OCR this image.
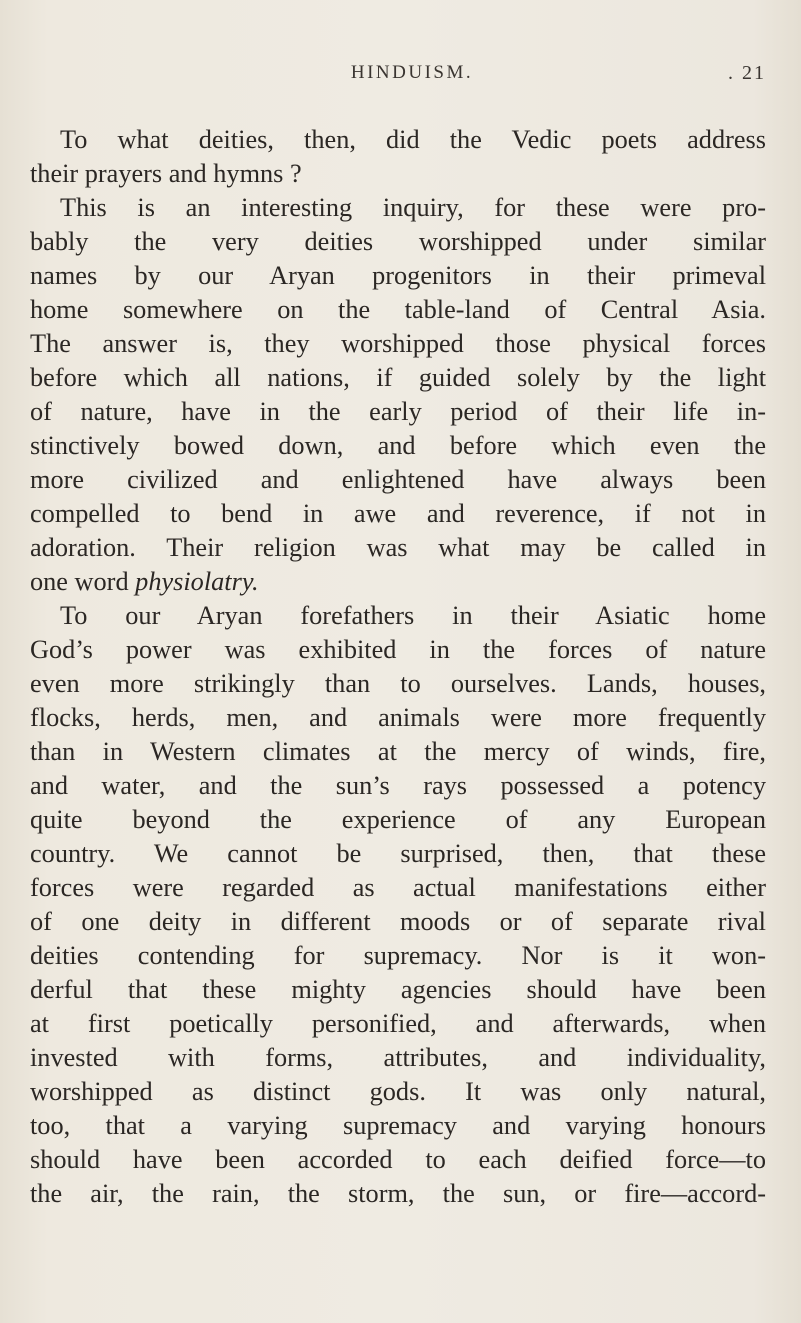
HINDUISM.	. 21
To what deities, then, did the Vedic poets address
their prayers and hymns ?
This is an interesting inquiry, for these were pro-
bably the very deities worshipped under similar
names by our Aryan progenitors in their primeval
home somewhere on the table-land of Central Asia.
The answer is, they worshipped those physical forces
before which all nations, if guided solely by the light
of nature, have in the early period of their life in-
stinctively bowed down, and before which even the
more civilized and enlightened have always been
compelled to bend in awe and reverence, if not in
adoration. Their religion was what may be called in
one word physiolatry.
To our Aryan forefathers in their Asiatic home
God’s power was exhibited in the forces of nature
even more strikingly than to ourselves. Lands, houses,
flocks, herds, men, and animals were more frequently
than in Western climates at the mercy of winds, fire,
and water, and the sun’s rays possessed a potency
quite beyond the experience of any European
country. We cannot be surprised, then, that these
forces were regarded as actual manifestations either
of one deity in different moods or of separate rival
deities contending for supremacy. Nor is it won-
derful that these mighty agencies should have been
at first poetically personified, and afterwards, when
invested with forms, attributes, and individuality,
worshipped as distinct gods. It was only natural,
too, that a varying supremacy and varying honours
should have been accorded to each deified force—to
the air, the rain, the storm, the sun, or fire—accord-
